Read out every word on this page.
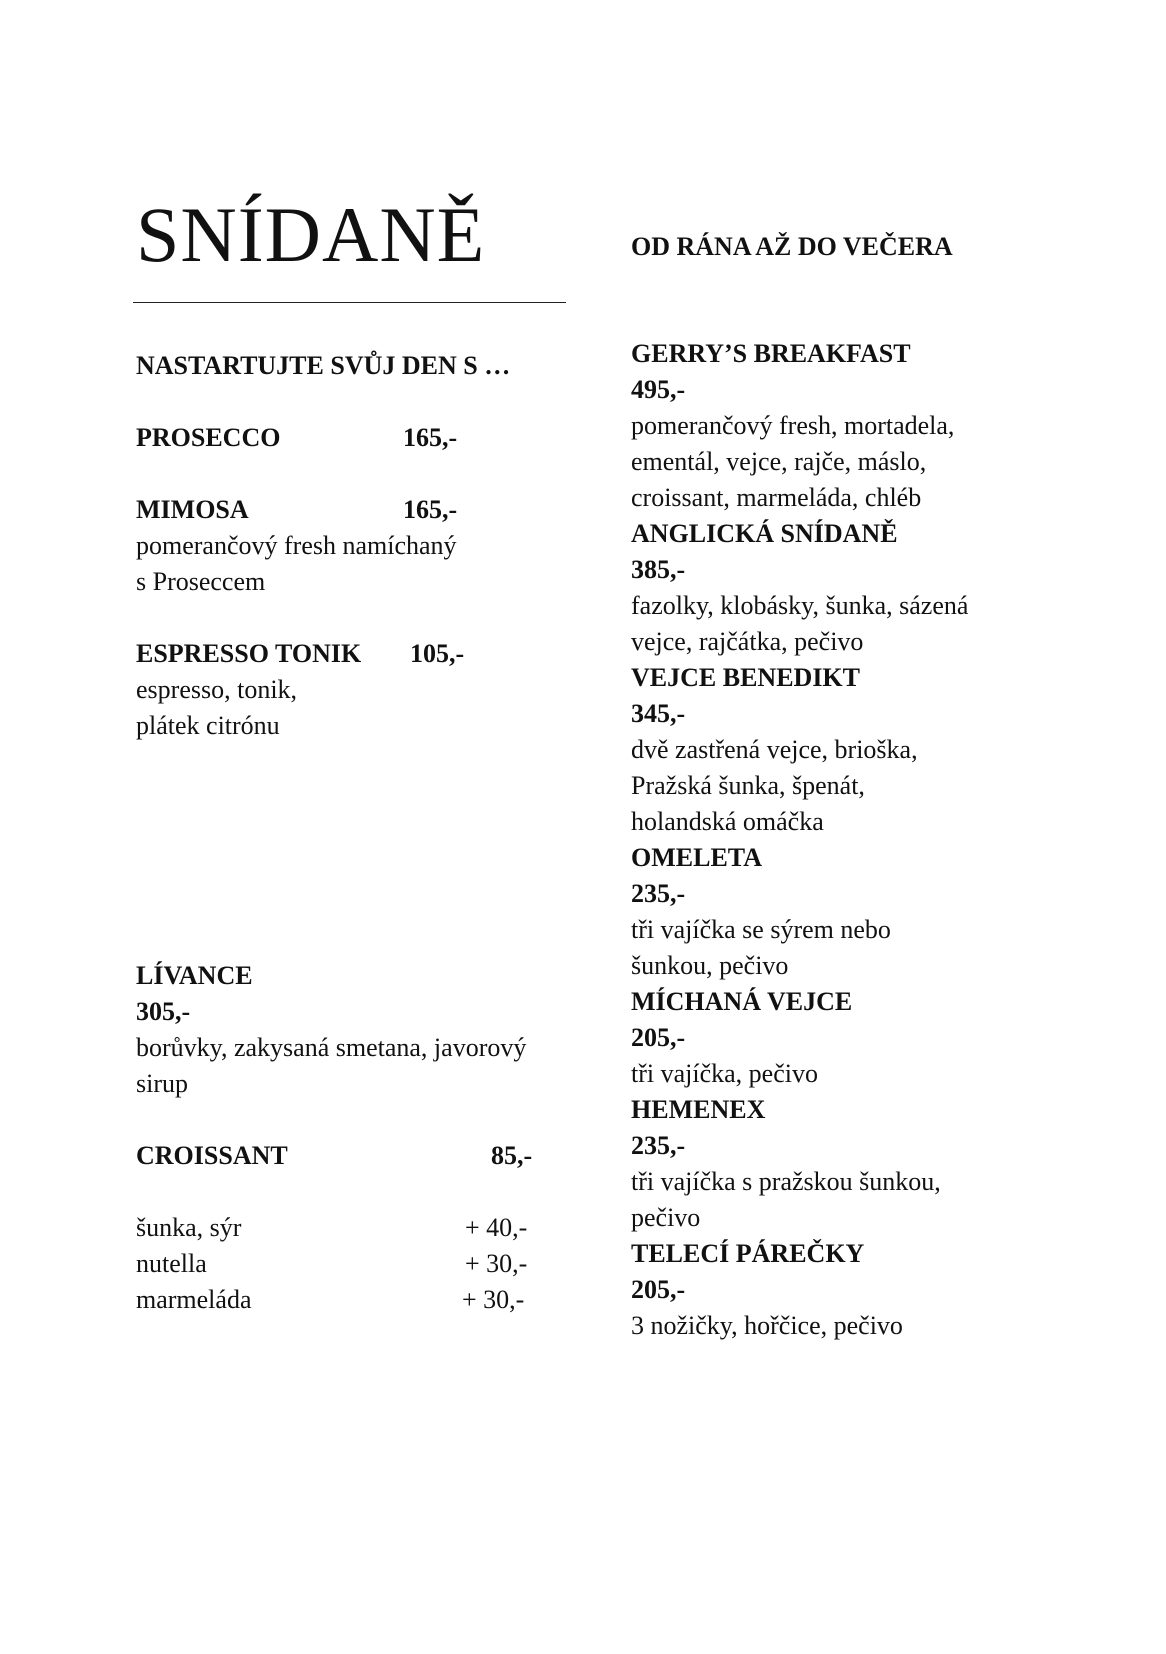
SNÍDANĚ	OD RÁNA AŽ DO VEČERA
NASTARTUJTE SVŮJ DEN S …
PROSECCO	165,-
MIMOSA	165,-
pomerančový fresh namíchaný
s Proseccem
ESPRESSO TONIK 105,-
espresso, tonik,
plátek citrónu
LÍVANCE
305,-
borůvky, zakysaná smetana, javorový
sirup
CROISSANT	85,-
šunka, sýr	+ 40,-
nutella	+ 30,-
marmeláda	+ 30,-
GERRY’S BREAKFAST
495,-
pomerančový fresh, mortadela,
ementál, vejce, rajče, máslo,
croissant, marmeláda, chléb
ANGLICKÁ SNÍDANĚ
385,-
fazolky, klobásky, šunka, sázená
vejce, rajčátka, pečivo
VEJCE BENEDIKT
345,-
dvě zastřená vejce, brioška,
Pražská šunka, špenát,
holandská omáčka
OMELETA
235,-
tři vajíčka se sýrem nebo
šunkou, pečivo
MÍCHANÁ VEJCE
205,-
tři vajíčka, pečivo
HEMENEX
235,-
tři vajíčka s pražskou šunkou,
pečivo
TELECÍ PÁREČKY
205,-
3 nožičky, hořčice, pečivo
